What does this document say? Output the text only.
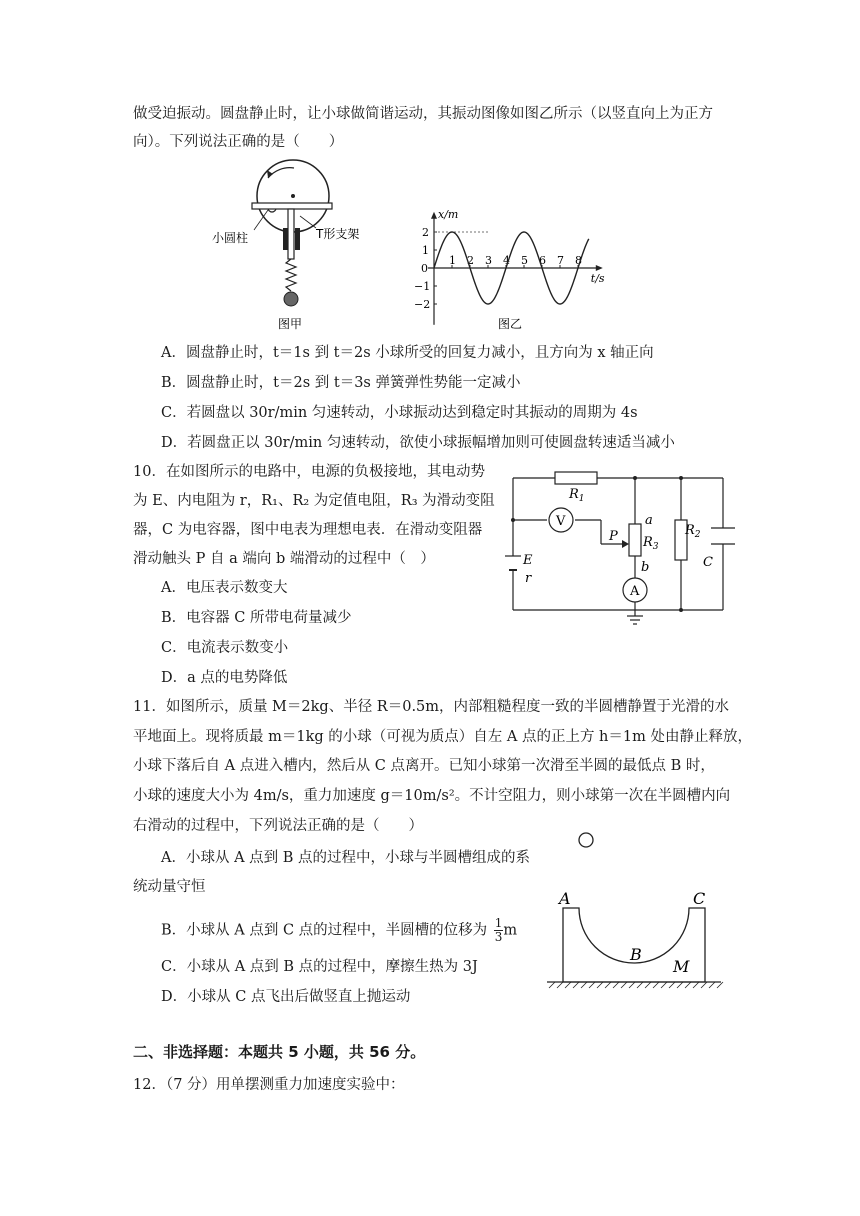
做受迫振动。圆盘静止时，让小球做简谐运动，其振动图像如图乙所示（以竖直向上为正方
向）。下列说法正确的是（　　）
小圆柱	T形支架
图甲
x/m
t/s
1 2 3 4 5 6 7 8
2
1
0
−1
−2
图乙
A．圆盘静止时，t＝1s 到 t＝2s 小球所受的回复力减小，且方向为 x 轴正向
B．圆盘静止时，t＝2s 到 t＝3s 弹簧弹性势能一定减小
C．若圆盘以 30r/min 匀速转动，小球振动达到稳定时其振动的周期为 4s
D．若圆盘正以 30r/min 匀速转动，欲使小球振幅增加则可使圆盘转速适当减小
10．在如图所示的电路中，电源的负极接地，其电动势
为 E、内电阻为 r，R₁、R₂ 为定值电阻，R₃ 为滑动变阻
器，C 为电容器，图中电表为理想电表．在滑动变阻器
滑动触头 P 自 a 端向 b 端滑动的过程中（　）
A．电压表示数变大
B．电容器 C 所带电荷量减少
C．电流表示数变小
D．a 点的电势降低
$R_1$
$R_2$
$R_3$
V
A
P
a
b
E
r
C
11．如图所示，质量 M＝2kg、半径 R＝0.5m，内部粗糙程度一致的半圆槽静置于光滑的水
平地面上。现将质最 m＝1kg 的小球（可视为质点）自左 A 点的正上方 h＝1m 处由静止释放，
小球下落后自 A 点进入槽内，然后从 C 点离开。已知小球第一次滑至半圆的最低点 B 时，
小球的速度大小为 4m/s，重力加速度 g＝10m/s²。不计空阻力，则小球第一次在半圆槽内向
右滑动的过程中，下列说法正确的是（　　）
A．小球从 A 点到 B 点的过程中，小球与半圆槽组成的系
统动量守恒
B．小球从 A 点到 C 点的过程中，半圆槽的位移为 $\frac{1}{3}$ m
C．小球从 A 点到 B 点的过程中，摩擦生热为 3J
D．小球从 C 点飞出后做竖直上抛运动
A	C
B
M
二、非选择题：本题共 5 小题，共 56 分。
12．（7 分）用单摆测重力加速度实验中：
